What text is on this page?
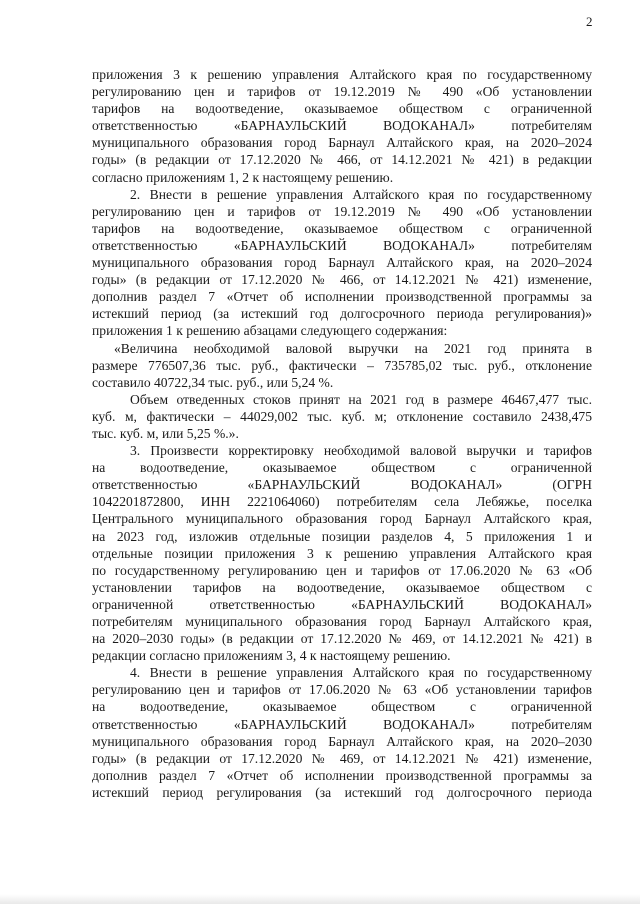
2
приложения 3 к решению управления Алтайского края по государственному
регулированию цен и тарифов от 19.12.2019 № 490 «Об установлении
тарифов на водоотведение, оказываемое обществом с ограниченной
ответственностью «БАРНАУЛЬСКИЙ ВОДОКАНАЛ» потребителям
муниципального образования город Барнаул Алтайского края, на 2020–2024
годы» (в редакции от 17.12.2020 № 466, от 14.12.2021 № 421) в редакции
согласно приложениям 1, 2 к настоящему решению.
2. Внести в решение управления Алтайского края по государственному
регулированию цен и тарифов от 19.12.2019 № 490 «Об установлении
тарифов на водоотведение, оказываемое обществом с ограниченной
ответственностью «БАРНАУЛЬСКИЙ ВОДОКАНАЛ» потребителям
муниципального образования город Барнаул Алтайского края, на 2020–2024
годы» (в редакции от 17.12.2020 № 466, от 14.12.2021 № 421) изменение,
дополнив раздел 7 «Отчет об исполнении производственной программы за
истекший период (за истекший год долгосрочного периода регулирования)»
приложения 1 к решению абзацами следующего содержания:
«Величина необходимой валовой выручки на 2021 год принята в
размере 776507,36 тыс. руб., фактически – 735785,02 тыс. руб., отклонение
составило 40722,34 тыс. руб., или 5,24 %.
Объем отведенных стоков принят на 2021 год в размере 46467,477 тыс.
куб. м, фактически – 44029,002 тыс. куб. м; отклонение составило 2438,475
тыс. куб. м, или 5,25 %.».
3. Произвести корректировку необходимой валовой выручки и тарифов
на водоотведение, оказываемое обществом с ограниченной
ответственностью «БАРНАУЛЬСКИЙ ВОДОКАНАЛ» (ОГРН
1042201872800, ИНН 2221064060) потребителям села Лебяжье, поселка
Центрального муниципального образования город Барнаул Алтайского края,
на 2023 год, изложив отдельные позиции разделов 4, 5 приложения 1 и
отдельные позиции приложения 3 к решению управления Алтайского края
по государственному регулированию цен и тарифов от 17.06.2020 № 63 «Об
установлении тарифов на водоотведение, оказываемое обществом с
ограниченной ответственностью «БАРНАУЛЬСКИЙ ВОДОКАНАЛ»
потребителям муниципального образования город Барнаул Алтайского края,
на 2020–2030 годы» (в редакции от 17.12.2020 № 469, от 14.12.2021 № 421) в
редакции согласно приложениям 3, 4 к настоящему решению.
4. Внести в решение управления Алтайского края по государственному
регулированию цен и тарифов от 17.06.2020 № 63 «Об установлении тарифов
на водоотведение, оказываемое обществом с ограниченной
ответственностью «БАРНАУЛЬСКИЙ ВОДОКАНАЛ» потребителям
муниципального образования город Барнаул Алтайского края, на 2020–2030
годы» (в редакции от 17.12.2020 № 469, от 14.12.2021 № 421) изменение,
дополнив раздел 7 «Отчет об исполнении производственной программы за
истекший период регулирования (за истекший год долгосрочного периода
